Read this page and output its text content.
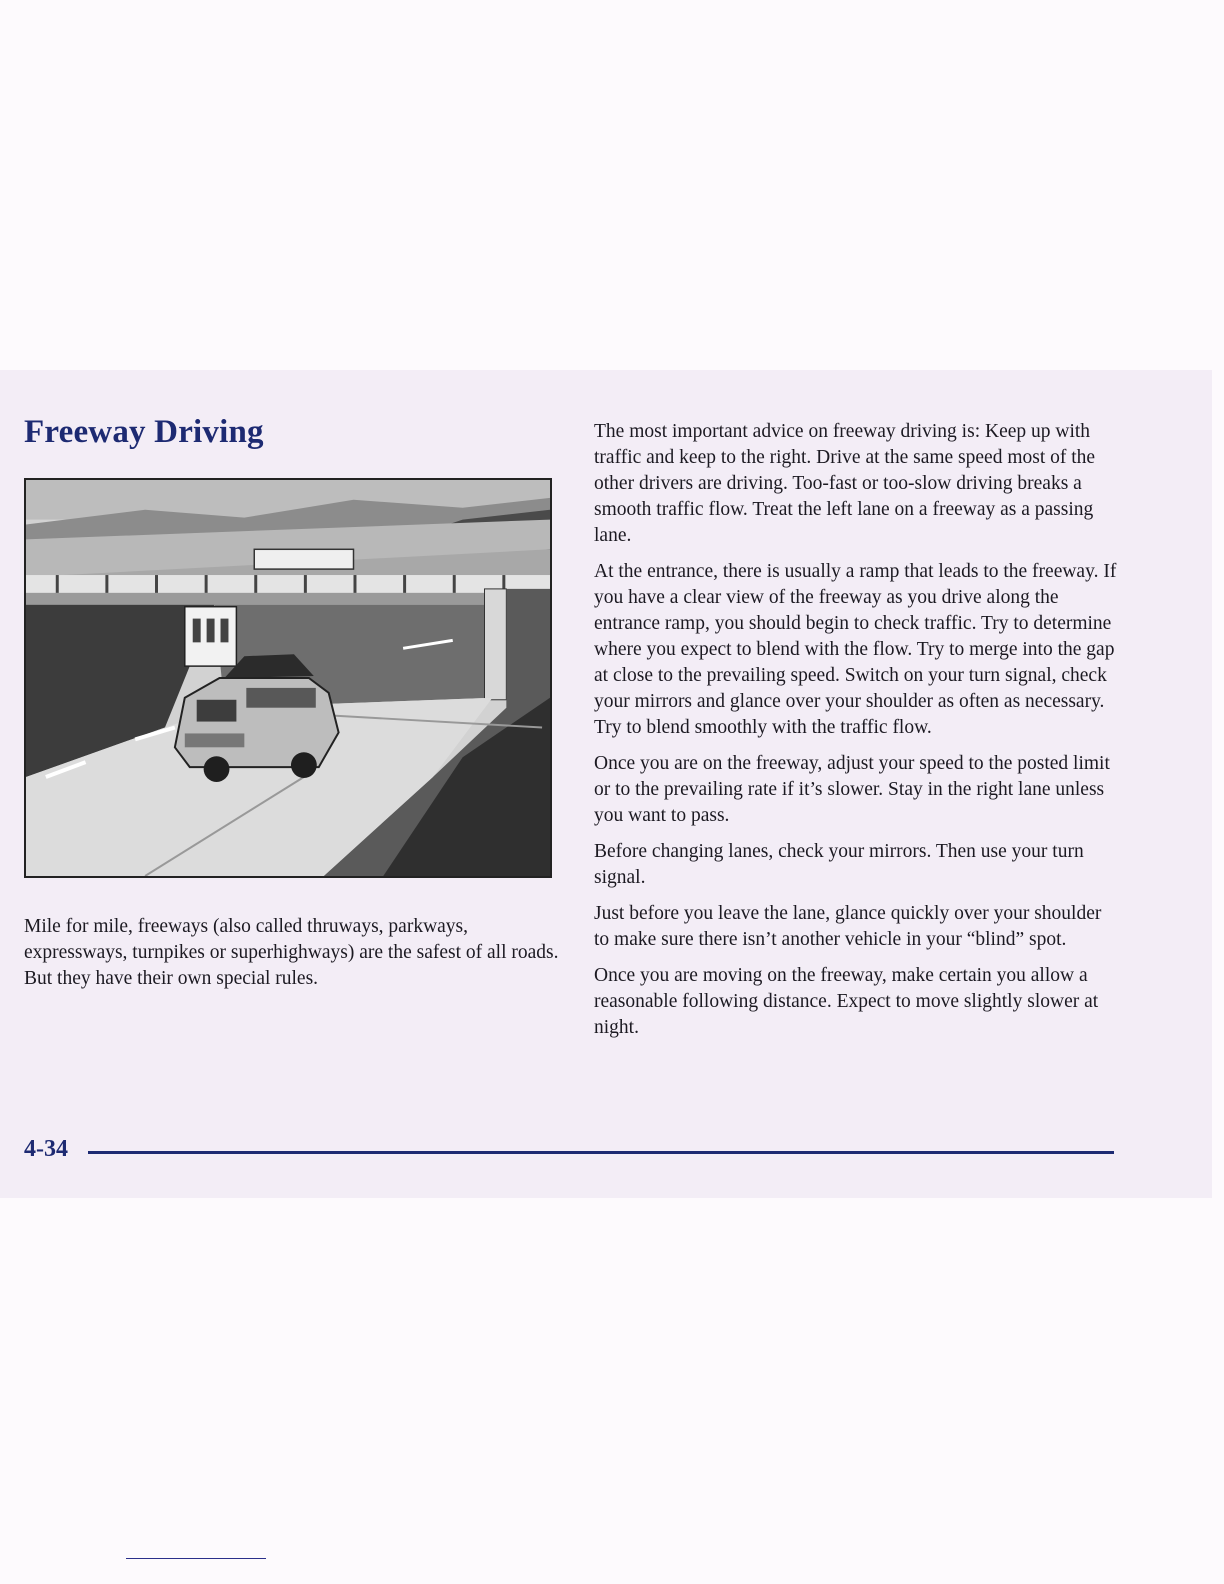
Freeway Driving

Mile for mile, freeways (also called thruways, parkways, expressways, turnpikes or superhighways) are the safest of all roads. But they have their own special rules.

The most important advice on freeway driving is: Keep up with traffic and keep to the right. Drive at the same speed most of the other drivers are driving. Too-fast or too-slow driving breaks a smooth traffic flow. Treat the left lane on a freeway as a passing lane.

At the entrance, there is usually a ramp that leads to the freeway. If you have a clear view of the freeway as you drive along the entrance ramp, you should begin to check traffic. Try to determine where you expect to blend with the flow. Try to merge into the gap at close to the prevailing speed. Switch on your turn signal, check your mirrors and glance over your shoulder as often as necessary. Try to blend smoothly with the traffic flow.

Once you are on the freeway, adjust your speed to the posted limit or to the prevailing rate if it’s slower. Stay in the right lane unless you want to pass.

Before changing lanes, check your mirrors. Then use your turn signal.

Just before you leave the lane, glance quickly over your shoulder to make sure there isn’t another vehicle in your “blind” spot.

Once you are moving on the freeway, make certain you allow a reasonable following distance. Expect to move slightly slower at night.

4-34
